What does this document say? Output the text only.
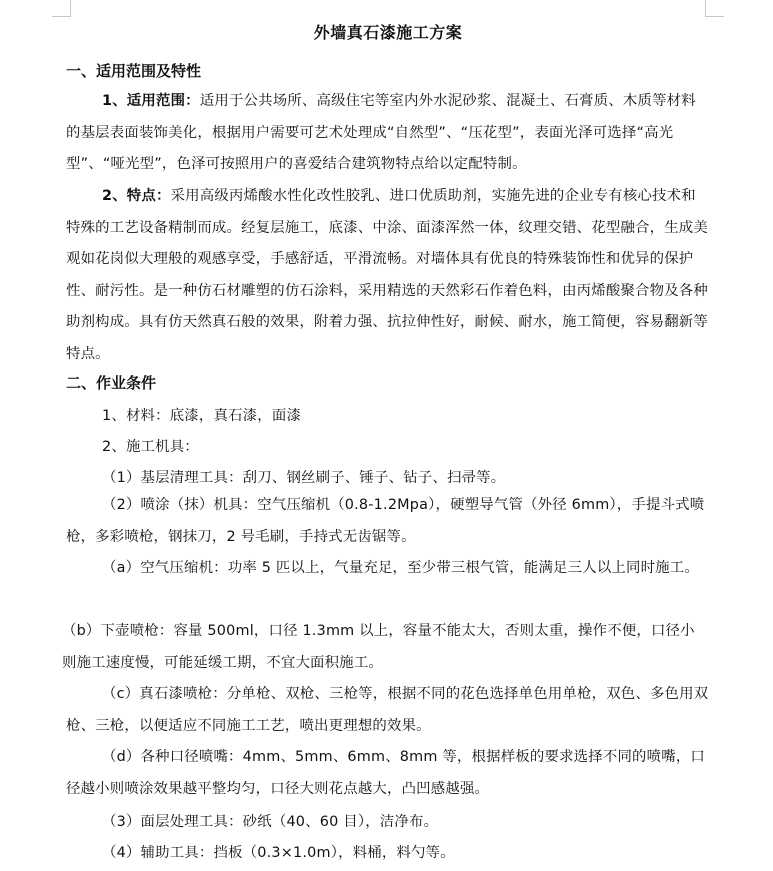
外墙真石漆施工方案
一、适用范围及特性
1、适用范围：适用于公共场所、高级住宅等室内外水泥砂浆、混凝土、石膏质、木质等材料的基层表面装饰美化，根据用户需要可艺术处理成“自然型”、“压花型”，表面光泽可选择“高光型”、“哑光型”，色泽可按照用户的喜爱结合建筑物特点给以定配特制。
2、特点：采用高级丙烯酸水性化改性胶乳、进口优质助剂，实施先进的企业专有核心技术和特殊的工艺设备精制而成。经复层施工，底漆、中涂、面漆浑然一体，纹理交错、花型融合，生成美观如花岗似大理般的观感享受，手感舒适，平滑流畅。对墙体具有优良的特殊装饰性和优异的保护性、耐污性。是一种仿石材雕塑的仿石涂料，采用精选的天然彩石作着色料，由丙烯酸聚合物及各种助剂构成。具有仿天然真石般的效果，附着力强、抗拉伸性好，耐候、耐水，施工简便，容易翻新等特点。
二、作业条件
1、材料：底漆，真石漆，面漆
2、施工机具：
（1）基层清理工具：刮刀、钢丝刷子、锤子、钻子、扫帚等。
（2）喷涂（抹）机具：空气压缩机（0.8-1.2Mpa），硬塑导气管（外径 6mm），手提斗式喷枪，多彩喷枪，钢抹刀，2 号毛刷，手持式无齿锯等。
（a）空气压缩机：功率 5 匹以上，气量充足，至少带三根气管，能满足三人以上同时施工。
（b）下壶喷枪：容量 500ml，口径 1.3mm 以上，容量不能太大，否则太重，操作不便，口径小则施工速度慢，可能延缓工期，不宜大面积施工。
（c）真石漆喷枪：分单枪、双枪、三枪等，根据不同的花色选择单色用单枪，双色、多色用双枪、三枪，以便适应不同施工工艺，喷出更理想的效果。
（d）各种口径喷嘴：4mm、5mm、6mm、8mm 等，根据样板的要求选择不同的喷嘴，口径越小则喷涂效果越平整均匀，口径大则花点越大，凸凹感越强。
（3）面层处理工具：砂纸（40、60 目），洁净布。
（4）辅助工具：挡板（0.3×1.0m），料桶，料勺等。
